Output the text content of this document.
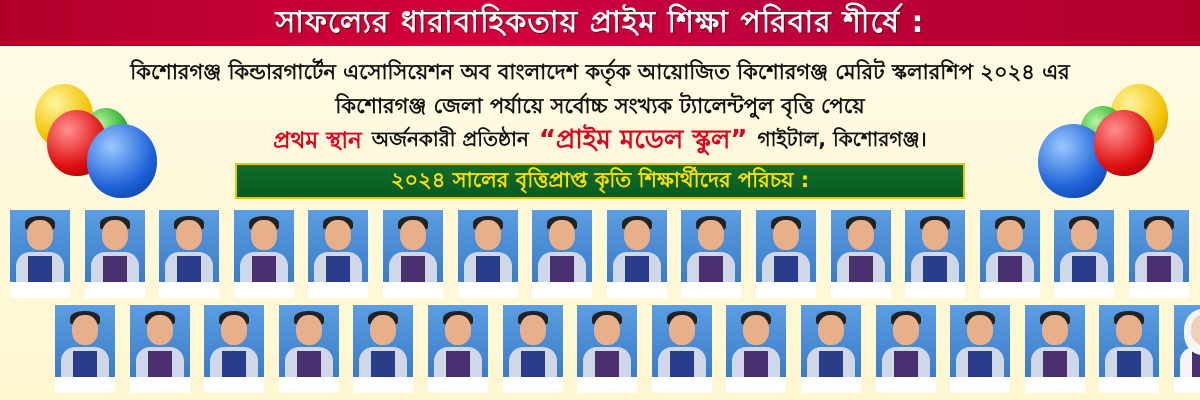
সাফল্যের ধারাবাহিকতায় প্রাইম শিক্ষা পরিবার শীর্ষে :
কিশোরগঞ্জ কিন্ডারগার্টেন এসোসিয়েশন অব বাংলাদেশ কর্তৃক আয়োজিত কিশোরগঞ্জ মেরিট স্কলারশিপ ২০২৪ এর
কিশোরগঞ্জ জেলা পর্যায়ে সর্বোচ্চ সংখ্যক ট্যালেন্টপুল বৃত্তি পেয়ে
প্রথম স্থান অর্জনকারী প্রতিষ্ঠান “প্রাইম মডেল স্কুল” গাইটাল, কিশোরগঞ্জ।
২০২৪ সালের বৃত্তিপ্রাপ্ত কৃতি শিক্ষার্থীদের পরিচয় :
